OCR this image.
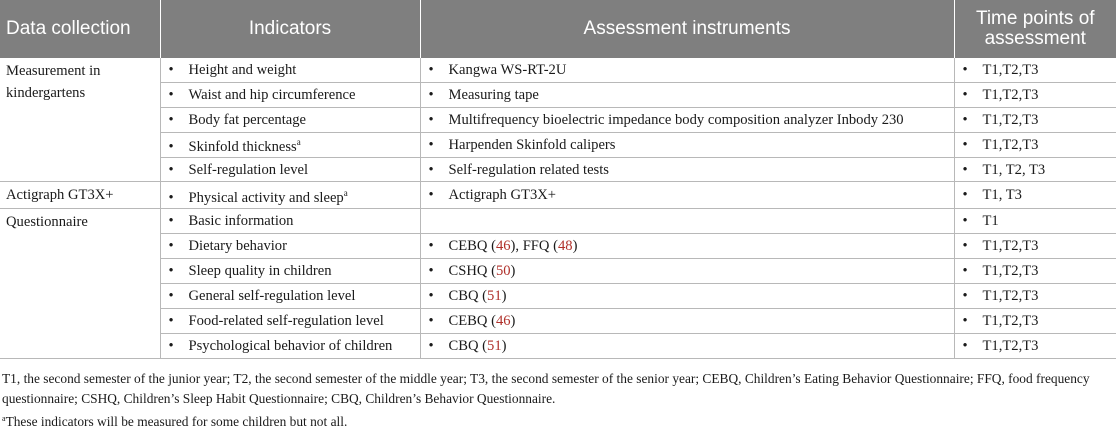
Data collection	Indicators	Assessment instruments	Time points of assessment
Measurement in kindergartens	• Height and weight	• Kangwa WS-RT-2U	• T1,T2,T3
	• Waist and hip circumference	• Measuring tape	• T1,T2,T3
	• Body fat percentage	• Multifrequency bioelectric impedance body composition analyzer Inbody 230	• T1,T2,T3
	• Skinfold thickness$^a$	• Harpenden Skinfold calipers	• T1,T2,T3
	• Self-regulation level	• Self-regulation related tests	• T1, T2, T3
Actigraph GT3X+	• Physical activity and sleep$^a$	• Actigraph GT3X+	• T1, T3
Questionnaire	• Basic information		• T1
	• Dietary behavior	• CEBQ (46), FFQ (48)	• T1,T2,T3
	• Sleep quality in children	• CSHQ (50)	• T1,T2,T3
	• General self-regulation level	• CBQ (51)	• T1,T2,T3
	• Food-related self-regulation level	• CEBQ (46)	• T1,T2,T3
	• Psychological behavior of children	• CBQ (51)	• T1,T2,T3

T1, the second semester of the junior year; T2, the second semester of the middle year; T3, the second semester of the senior year; CEBQ, Children’s Eating Behavior Questionnaire; FFQ, food frequency questionnaire; CSHQ, Children’s Sleep Habit Questionnaire; CBQ, Children’s Behavior Questionnaire.

$^a$These indicators will be measured for some children but not all.
